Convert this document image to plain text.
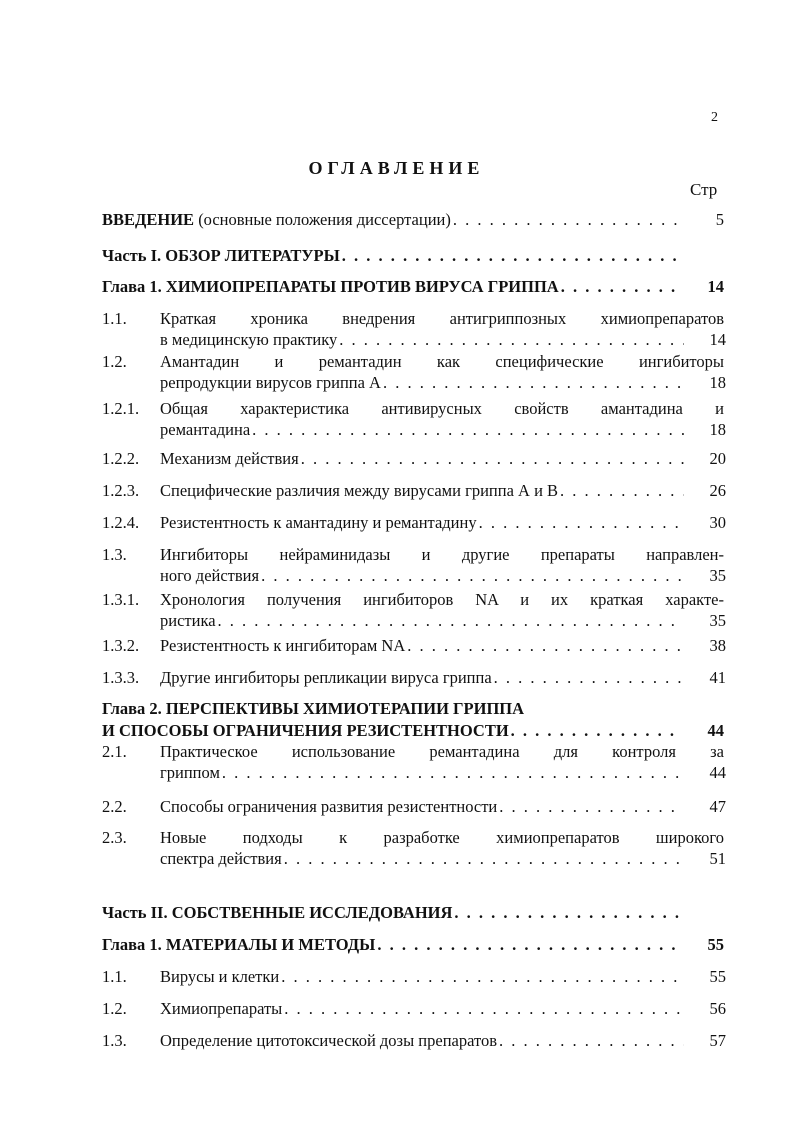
2
ОГЛАВЛЕНИЕ
Стр
ВВЕДЕНИЕ (основные положения диссертации) . . .	5
Часть I. ОБЗОР ЛИТЕРАТУРЫ
. . .
Глава 1. ХИМИОПРЕПАРАТЫ ПРОТИВ ВИРУСА ГРИППА . . .	14
1.1.	Краткая хроника внедрения антигриппозных химиопрепаратов
в медицинскую практику . . .	14
1.2.	Амантадин и ремантадин как специфические ингибиторы
репродукции вирусов гриппа А . . .	18
1.2.1.	Общая характеристика антивирусных свойств амантадина и
ремантадина . . .	18
1.2.2.	Механизм действия . . .	20
1.2.3.	Специфические различия между вирусами гриппа А и В . . .	26
1.2.4.	Резистентность к амантадину и ремантадину . . .	30
1.3.	Ингибиторы нейраминидазы и другие препараты направлен-
ного действия . . .	35
1.3.1.	Хронология получения ингибиторов NA и их краткая характе-
ристика . . .	35
1.3.2.	Резистентность к ингибиторам NA . . .	38
1.3.3.	Другие ингибиторы репликации вируса гриппа . . .	41
Глава 2. ПЕРСПЕКТИВЫ ХИМИОТЕРАПИИ ГРИППА
И СПОСОБЫ ОГРАНИЧЕНИЯ РЕЗИСТЕНТНОСТИ . . .	44
2.1.	Практическое использование ремантадина для контроля за
гриппом . . .	44
2.2.	Способы ограничения развития резистентности . . .	47
2.3.	Новые подходы к разработке химиопрепаратов широкого
спектра действия . . .	51
Часть II. СОБСТВЕННЫЕ ИССЛЕДОВАНИЯ
. . .
Глава 1. МАТЕРИАЛЫ И МЕТОДЫ . . .	55
1.1.	Вирусы и клетки . . .	55
1.2.	Химиопрепараты . . .	56
1.3.	Определение цитотоксической дозы препаратов . . .	57
